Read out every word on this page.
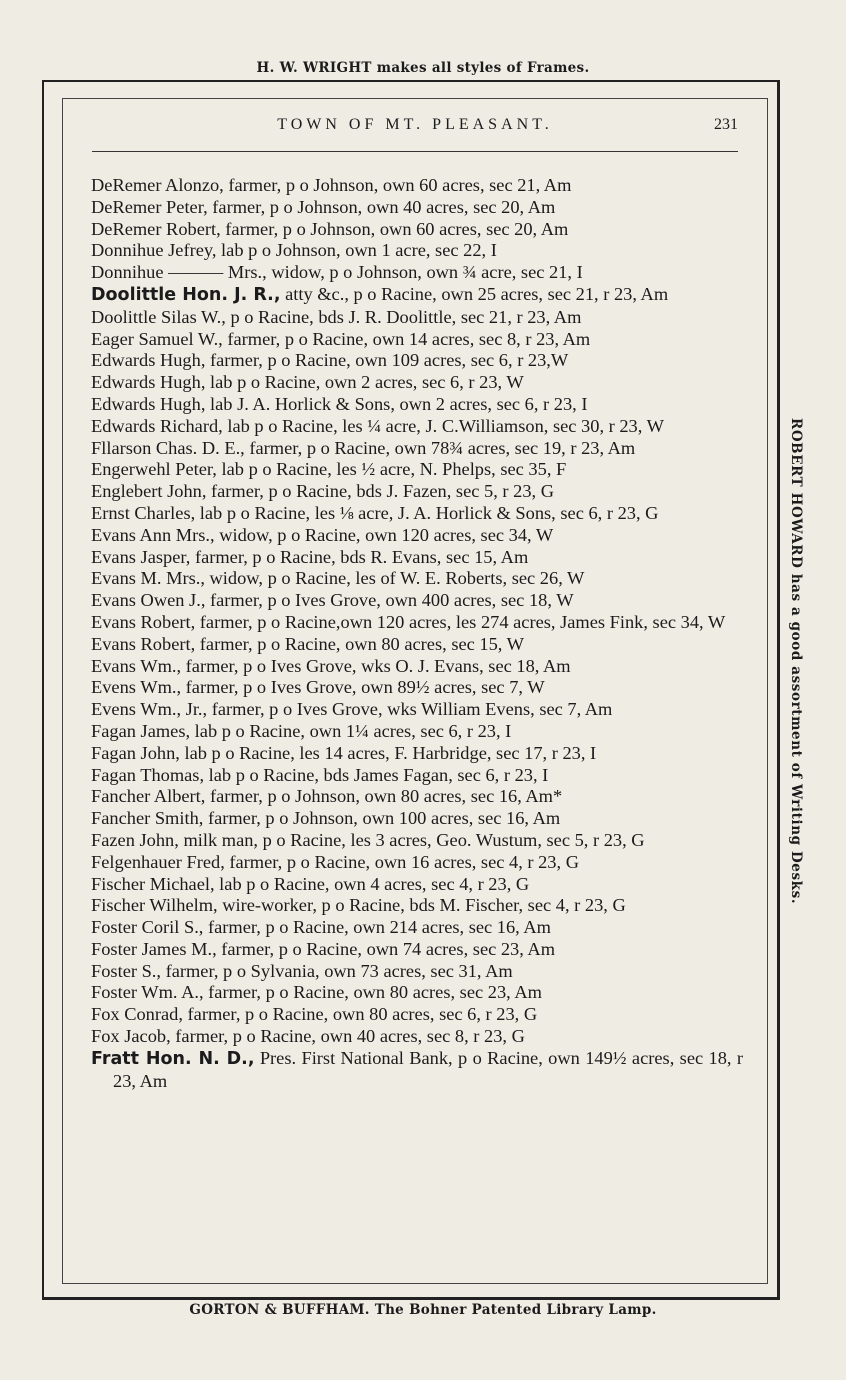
H. W. WRIGHT makes all styles of Frames.
TOWN OF MT. PLEASANT.	231

DeRemer Alonzo, farmer, p o Johnson, own 60 acres, sec 21, Am

DeRemer Peter, farmer, p o Johnson, own 40 acres, sec 20, Am

DeRemer Robert, farmer, p o Johnson, own 60 acres, sec 20, Am

Donnihue Jefrey, lab p o Johnson, own 1 acre, sec 22, I

Donnihue ——— Mrs., widow, p o Johnson, own ¾ acre, sec 21, I

Doolittle Hon. J. R., atty &c., p o Racine, own 25 acres, sec 21, r 23, Am

Doolittle Silas W., p o Racine, bds J. R. Doolittle, sec 21, r 23, Am

Eager Samuel W., farmer, p o Racine, own 14 acres, sec 8, r 23, Am

Edwards Hugh, farmer, p o Racine, own 109 acres, sec 6, r 23,W

Edwards Hugh, lab p o Racine, own 2 acres, sec 6, r 23, W

Edwards Hugh, lab J. A. Horlick & Sons, own 2 acres, sec 6, r 23, I

Edwards Richard, lab p o Racine, les ¼ acre, J. C.Williamson, sec 30, r 23, W

Fllarson Chas. D. E., farmer, p o Racine, own 78¾ acres, sec 19, r 23, Am

Engerwehl Peter, lab p o Racine, les ½ acre, N. Phelps, sec 35, F

Englebert John, farmer, p o Racine, bds J. Fazen, sec 5, r 23, G

Ernst Charles, lab p o Racine, les ⅛ acre, J. A. Horlick & Sons, sec 6, r 23, G

Evans Ann Mrs., widow, p o Racine, own 120 acres, sec 34, W

Evans Jasper, farmer, p o Racine, bds R. Evans, sec 15, Am

Evans M. Mrs., widow, p o Racine, les of W. E. Roberts, sec 26, W

Evans Owen J., farmer, p o Ives Grove, own 400 acres, sec 18, W

Evans Robert, farmer, p o Racine,own 120 acres, les 274 acres, James Fink, sec 34, W

Evans Robert, farmer, p o Racine, own 80 acres, sec 15, W

Evans Wm., farmer, p o Ives Grove, wks O. J. Evans, sec 18, Am

Evens Wm., farmer, p o Ives Grove, own 89½ acres, sec 7, W

Evens Wm., Jr., farmer, p o Ives Grove, wks William Evens, sec 7, Am

Fagan James, lab p o Racine, own 1¼ acres, sec 6, r 23, I

Fagan John, lab p o Racine, les 14 acres, F. Harbridge, sec 17, r 23, I

Fagan Thomas, lab p o Racine, bds James Fagan, sec 6, r 23, I

Fancher Albert, farmer, p o Johnson, own 80 acres, sec 16, Am*

Fancher Smith, farmer, p o Johnson, own 100 acres, sec 16, Am

Fazen John, milk man, p o Racine, les 3 acres, Geo. Wustum, sec 5, r 23, G

Felgenhauer Fred, farmer, p o Racine, own 16 acres, sec 4, r 23, G

Fischer Michael, lab p o Racine, own 4 acres, sec 4, r 23, G

Fischer Wilhelm, wire-worker, p o Racine, bds M. Fischer, sec 4, r 23, G

Foster Coril S., farmer, p o Racine, own 214 acres, sec 16, Am

Foster James M., farmer, p o Racine, own 74 acres, sec 23, Am

Foster S., farmer, p o Sylvania, own 73 acres, sec 31, Am

Foster Wm. A., farmer, p o Racine, own 80 acres, sec 23, Am

Fox Conrad, farmer, p o Racine, own 80 acres, sec 6, r 23, G

Fox Jacob, farmer, p o Racine, own 40 acres, sec 8, r 23, G

Fratt Hon. N. D., Pres. First National Bank, p o Racine, own 149½ acres, sec 18, r 23, Am

ROBERT HOWARD has a good assortment of Writing Desks.
GORTON & BUFFHAM. The Bohner Patented Library Lamp.
